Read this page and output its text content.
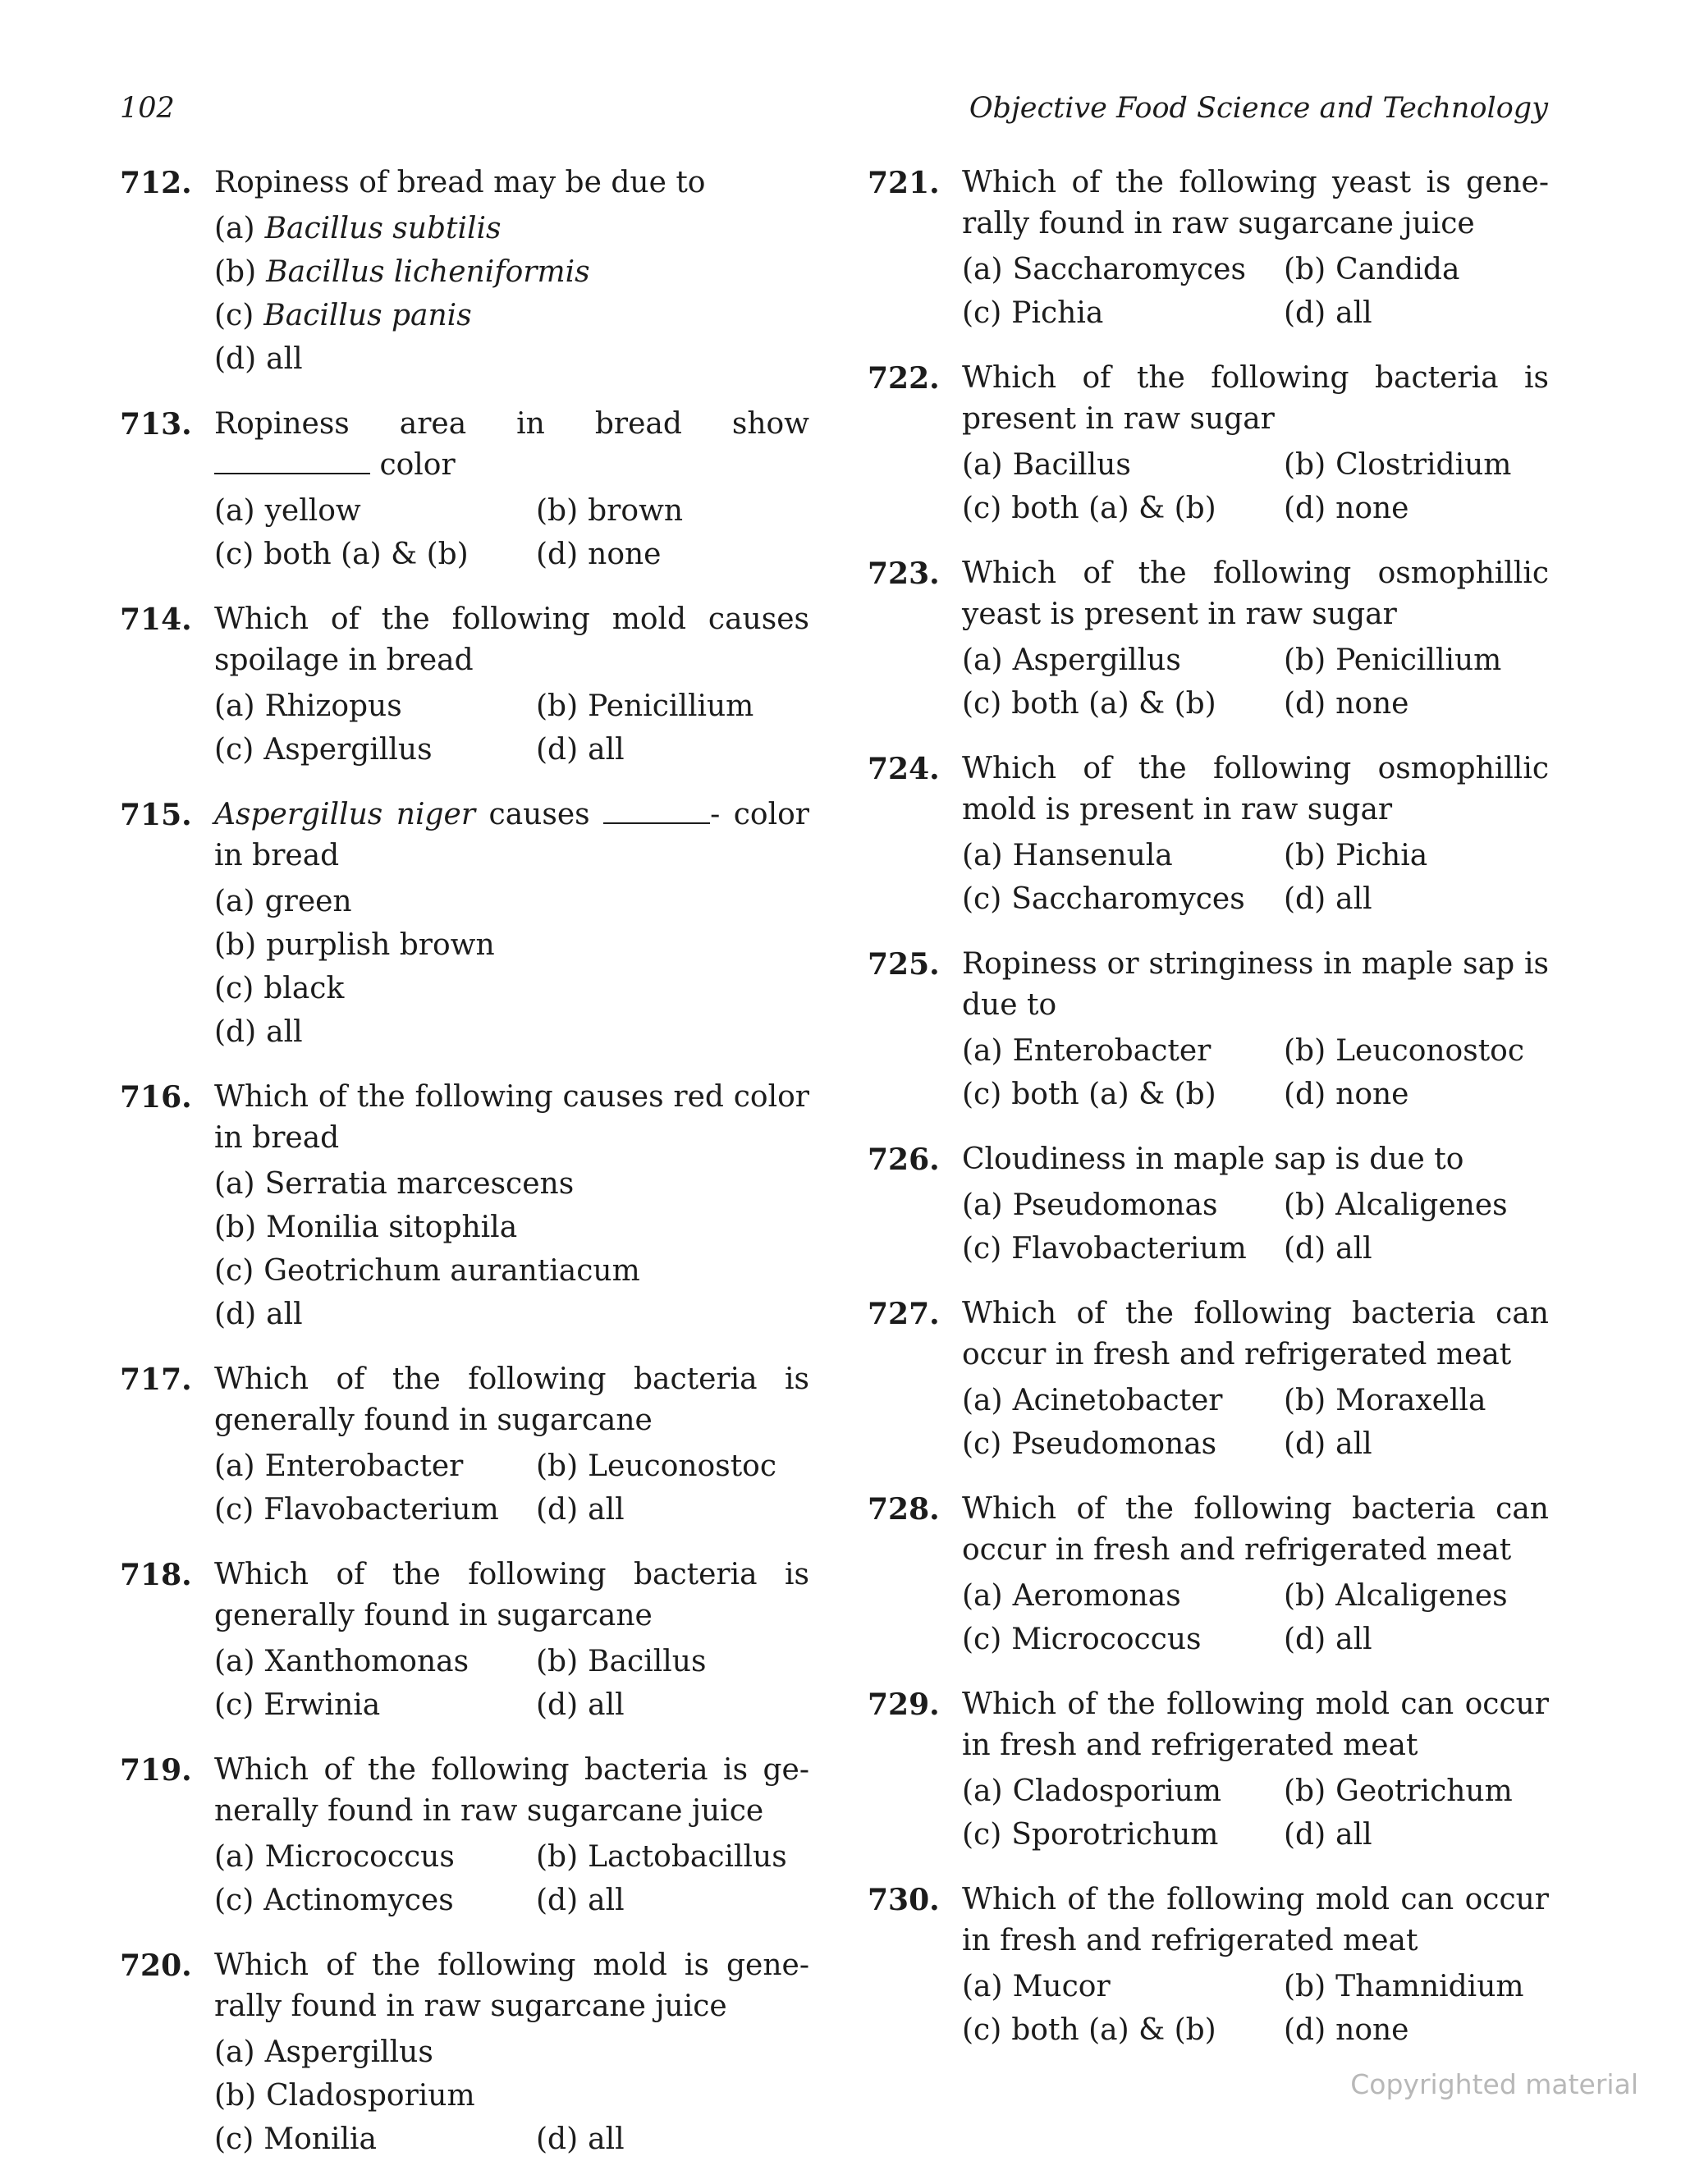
102	Objective Food Science and Technology
712. Ropiness of bread may be due to
(a) Bacillus subtilis
(b) Bacillus licheniformis
(c) Bacillus panis
(d) all
713. Ropiness area in bread show
color
(a) yellow	(b) brown
(c) both (a) & (b)	(d) none
714. Which of the following mold causes spoilage in bread
(a) Rhizopus	(b) Penicillium
(c) Aspergillus	(d) all
715. Aspergillus niger causes	- color in bread
(a) green
(b) purplish brown
(c) black
(d) all
716. Which of the following causes red color in bread
(a) Serratia marcescens
(b) Monilia sitophila
(c) Geotrichum aurantiacum
(d) all
717. Which of the following bacteria is generally found in sugarcane
(a) Enterobacter	(b) Leuconostoc
(c) Flavobacterium	(d) all
718. Which of the following bacteria is generally found in sugarcane
(a) Xanthomonas	(b) Bacillus
(c) Erwinia	(d) all
719. Which of the following bacteria is ge-nerally found in raw sugarcane juice
(a) Micrococcus	(b) Lactobacillus
(c) Actinomyces	(d) all
720. Which of the following mold is gene-rally found in raw sugarcane juice
(a) Aspergillus
(b) Cladosporium
(c) Monilia	(d) all
721. Which of the following yeast is gene-rally found in raw sugarcane juice
(a) Saccharomyces	(b) Candida
(c) Pichia	(d) all
722. Which of the following bacteria is present in raw sugar
(a) Bacillus	(b) Clostridium
(c) both (a) & (b)	(d) none
723. Which of the following osmophillic yeast is present in raw sugar
(a) Aspergillus	(b) Penicillium
(c) both (a) & (b)	(d) none
724. Which of the following osmophillic mold is present in raw sugar
(a) Hansenula	(b) Pichia
(c) Saccharomyces	(d) all
725. Ropiness or stringiness in maple sap is due to
(a) Enterobacter	(b) Leuconostoc
(c) both (a) & (b)	(d) none
726. Cloudiness in maple sap is due to
(a) Pseudomonas	(b) Alcaligenes
(c) Flavobacterium	(d) all
727. Which of the following bacteria can occur in fresh and refrigerated meat
(a) Acinetobacter	(b) Moraxella
(c) Pseudomonas	(d) all
728. Which of the following bacteria can occur in fresh and refrigerated meat
(a) Aeromonas	(b) Alcaligenes
(c) Micrococcus	(d) all
729. Which of the following mold can occur in fresh and refrigerated meat
(a) Cladosporium	(b) Geotrichum
(c) Sporotrichum	(d) all
730. Which of the following mold can occur in fresh and refrigerated meat
(a) Mucor	(b) Thamnidium
(c) both (a) & (b)	(d) none
Copyrighted material
